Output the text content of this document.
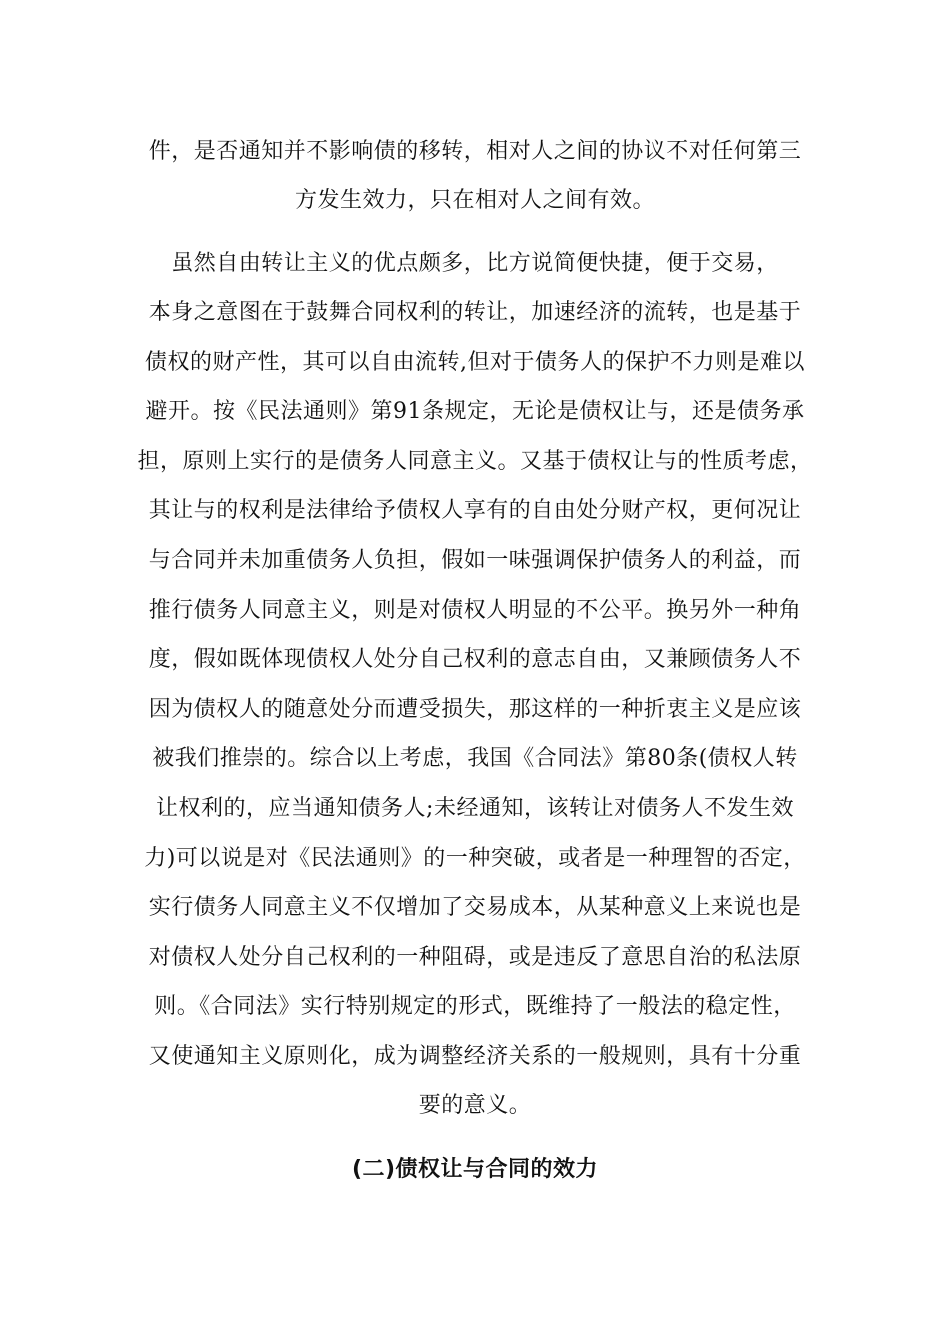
件，是否通知并不影响债的移转，相对人之间的协议不对任何第三
方发生效力，只在相对人之间有效。
虽然自由转让主义的优点颇多，比方说简便快捷，便于交易，
本身之意图在于鼓舞合同权利的转让，加速经济的流转，也是基于
债权的财产性，其可以自由流转,但对于债务人的保护不力则是难以
避开。按《民法通则》第91条规定，无论是债权让与，还是债务承
担，原则上实行的是债务人同意主义。又基于债权让与的性质考虑，
其让与的权利是法律给予债权人享有的自由处分财产权，更何况让
与合同并未加重债务人负担，假如一味强调保护债务人的利益，而
推行债务人同意主义，则是对债权人明显的不公平。换另外一种角
度，假如既体现债权人处分自己权利的意志自由，又兼顾债务人不
因为债权人的随意处分而遭受损失，那这样的一种折衷主义是应该
被我们推崇的。综合以上考虑，我国《合同法》第80条(债权人转
让权利的，应当通知债务人;未经通知，该转让对债务人不发生效
力)可以说是对《民法通则》的一种突破，或者是一种理智的否定，
实行债务人同意主义不仅增加了交易成本，从某种意义上来说也是
对债权人处分自己权利的一种阻碍，或是违反了意思自治的私法原
则。《合同法》实行特别规定的形式，既维持了一般法的稳定性，
又使通知主义原则化，成为调整经济关系的一般规则，具有十分重
要的意义。
(二)债权让与合同的效力
